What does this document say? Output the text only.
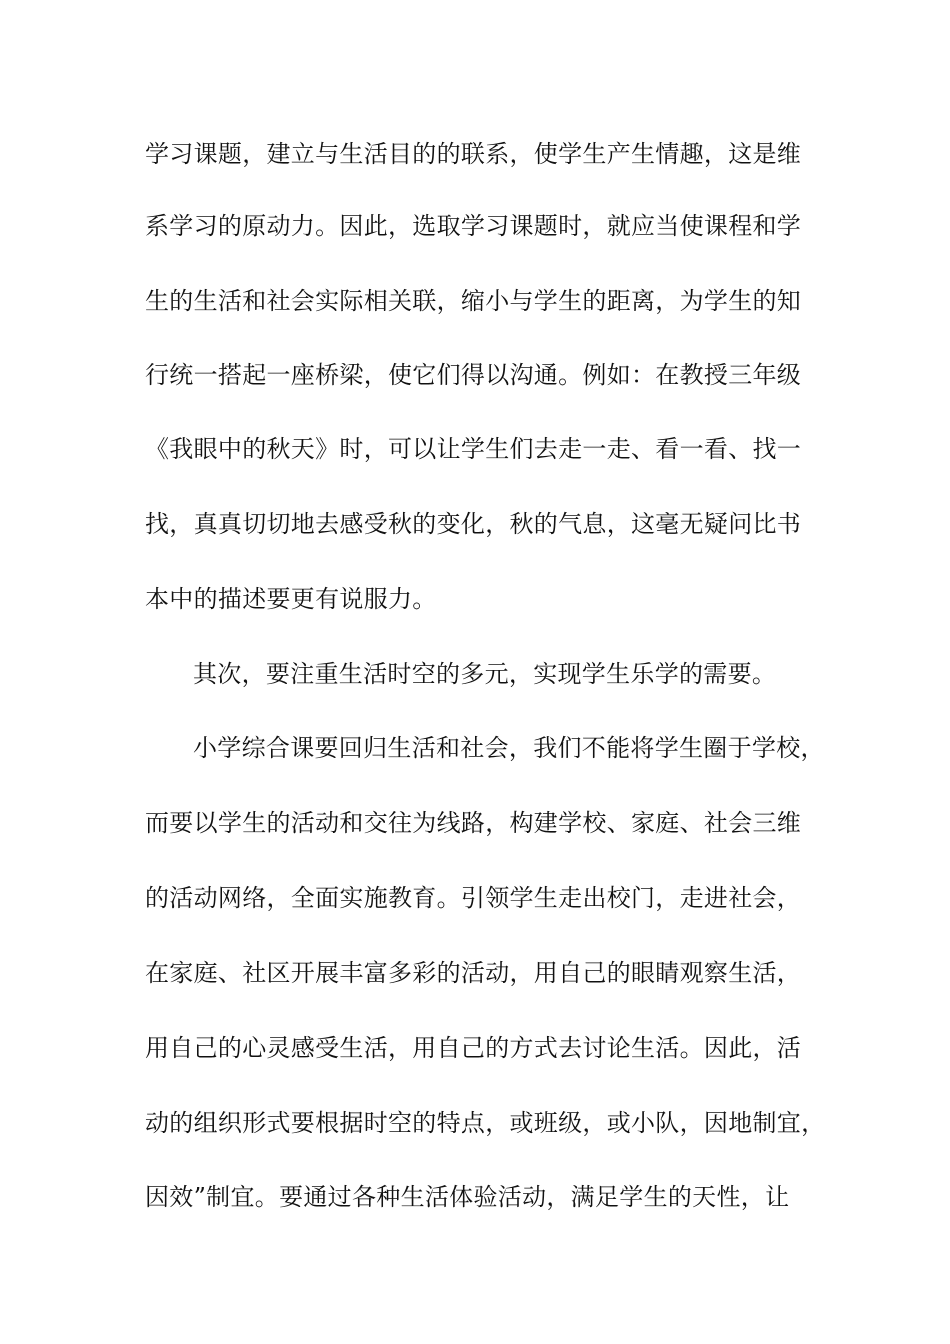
学习课题，建立与生活目的的联系，使学生产生情趣，这是维
系学习的原动力。因此，选取学习课题时，就应当使课程和学
生的生活和社会实际相关联，缩小与学生的距离，为学生的知
行统一搭起一座桥梁，使它们得以沟通。例如：在教授三年级
《我眼中的秋天》时，可以让学生们去走一走、看一看、找一
找，真真切切地去感受秋的变化，秋的气息，这毫无疑问比书
本中的描述要更有说服力。
其次，要注重生活时空的多元，实现学生乐学的需要。
小学综合课要回归生活和社会，我们不能将学生圈于学校，
而要以学生的活动和交往为线路，构建学校、家庭、社会三维
的活动网络，全面实施教育。引领学生走出校门，走进社会，
在家庭、社区开展丰富多彩的活动，用自己的眼睛观察生活，
用自己的心灵感受生活，用自己的方式去讨论生活。因此，活
动的组织形式要根据时空的特点，或班级，或小队，因地制宜，
因效”制宜。要通过各种生活体验活动，满足学生的天性，让
